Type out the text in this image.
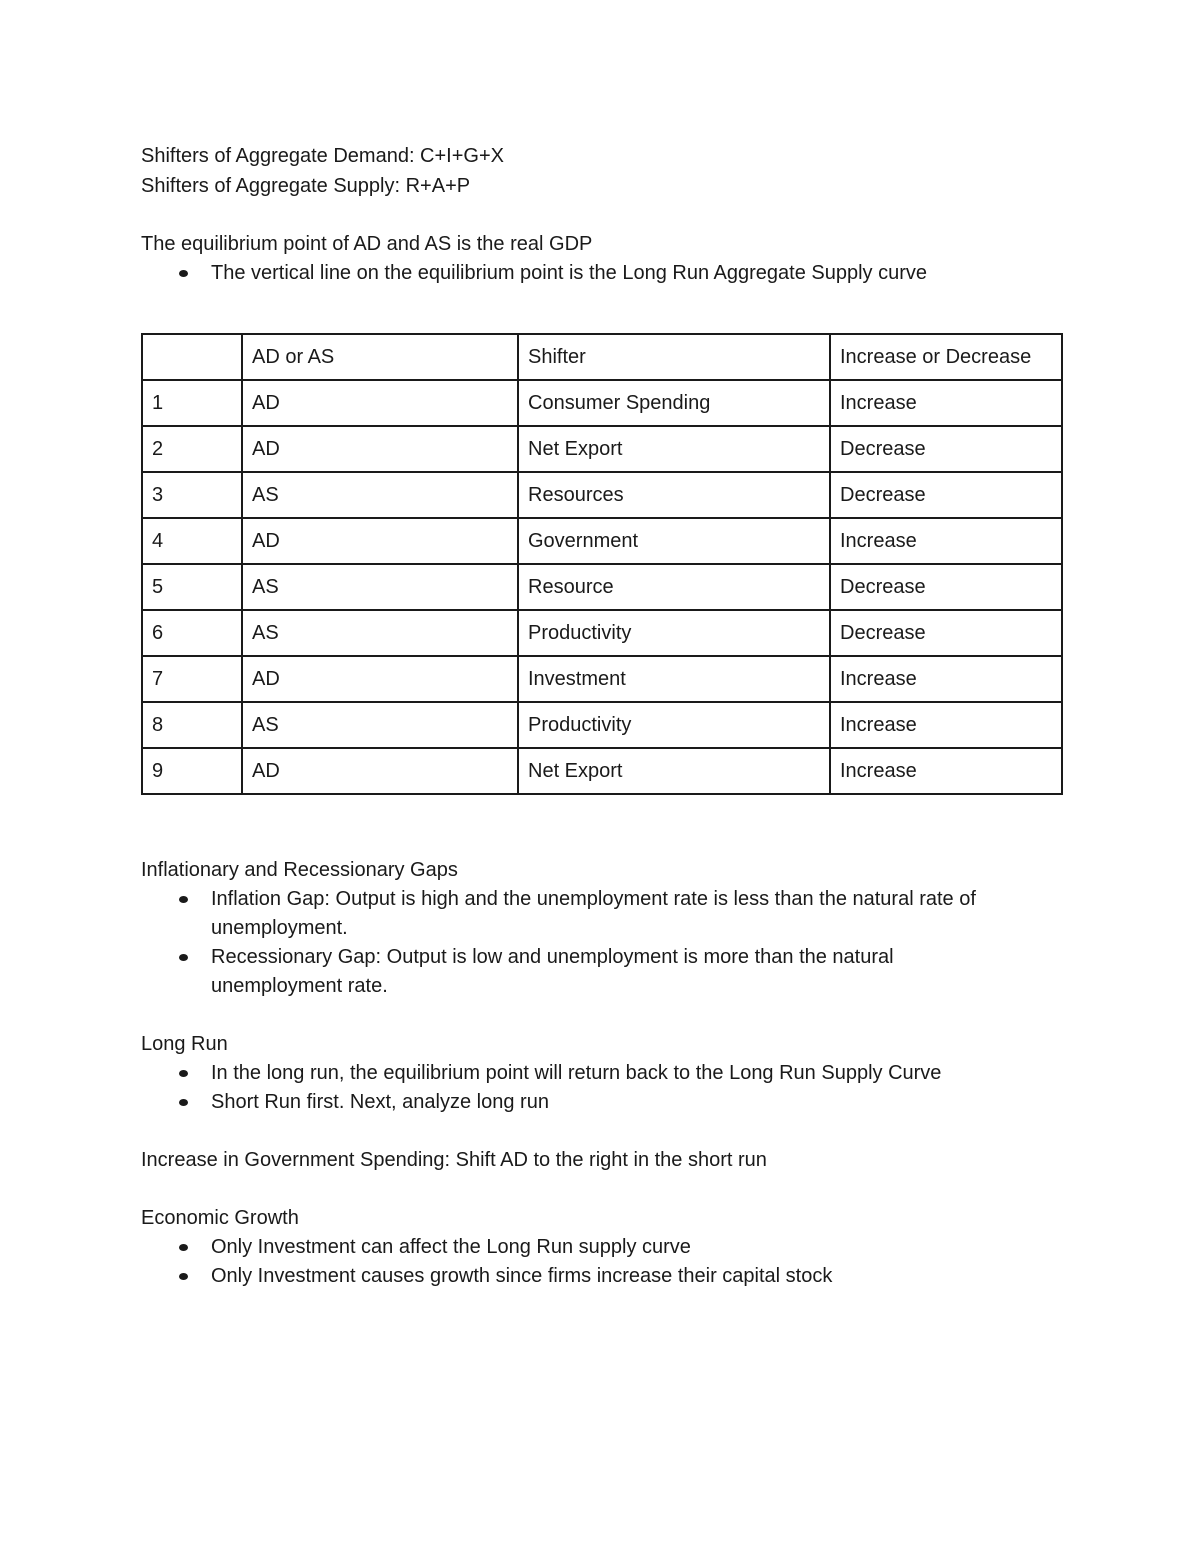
Shifters of Aggregate Demand: C+I+G+X

Shifters of Aggregate Supply: R+A+P

The equilibrium point of AD and AS is the real GDP

The vertical line on the equilibrium point is the Long Run Aggregate Supply curve
	AD or AS	Shifter	Increase or Decrease
1	AD	Consumer Spending	Increase
2	AD	Net Export	Decrease
3	AS	Resources	Decrease
4	AD	Government	Increase
5	AS	Resource	Decrease
6	AS	Productivity	Decrease
7	AD	Investment	Increase
8	AS	Productivity	Increase
9	AD	Net Export	Increase

Inflationary and Recessionary Gaps

Inflation Gap: Output is high and the unemployment rate is less than the natural rate of
unemployment.
Recessionary Gap: Output is low and unemployment is more than the natural
unemployment rate.

Long Run

In the long run, the equilibrium point will return back to the Long Run Supply Curve
Short Run first. Next, analyze long run

Increase in Government Spending: Shift AD to the right in the short run

Economic Growth

Only Investment can affect the Long Run supply curve
Only Investment causes growth since firms increase their capital stock
